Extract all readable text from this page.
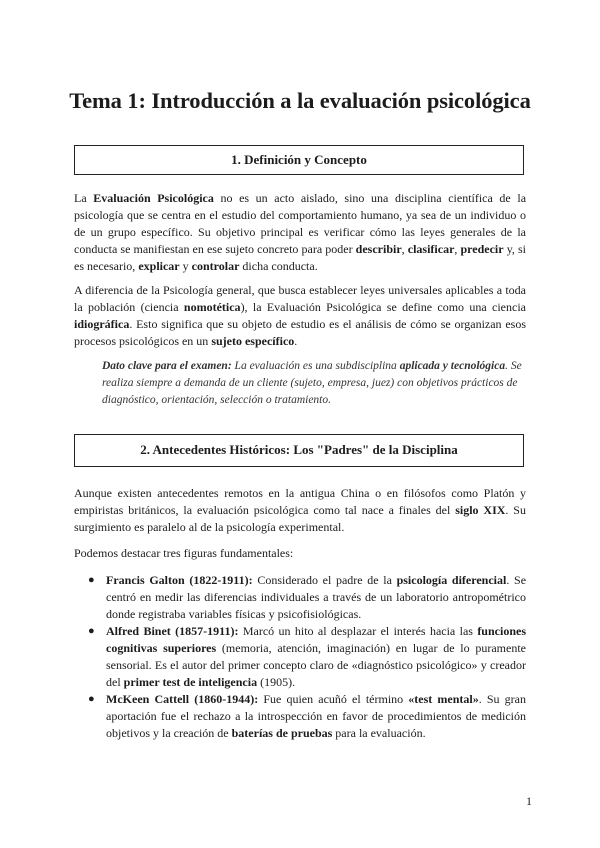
Tema 1: Introducción a la evaluación psicológica
1. Definición y Concepto

La Evaluación Psicológica no es un acto aislado, sino una disciplina científica de la psicología que se centra en el estudio del comportamiento humano, ya sea de un individuo o de un grupo específico. Su objetivo principal es verificar cómo las leyes generales de la conducta se manifiestan en ese sujeto concreto para poder describir, clasificar, predecir y, si es necesario, explicar y controlar dicha conducta.

A diferencia de la Psicología general, que busca establecer leyes universales aplicables a toda la población (ciencia nomotética), la Evaluación Psicológica se define como una ciencia idiográfica. Esto significa que su objeto de estudio es el análisis de cómo se organizan esos procesos psicológicos en un sujeto específico.

Dato clave para el examen: La evaluación es una subdisciplina aplicada y tecnológica. Se realiza siempre a demanda de un cliente (sujeto, empresa, juez) con objetivos prácticos de diagnóstico, orientación, selección o tratamiento.

2. Antecedentes Históricos: Los "Padres" de la Disciplina

Aunque existen antecedentes remotos en la antigua China o en filósofos como Platón y empiristas británicos, la evaluación psicológica como tal nace a finales del siglo XIX. Su surgimiento es paralelo al de la psicología experimental.

Podemos destacar tres figuras fundamentales:

● Francis Galton (1822-1911): Considerado el padre de la psicología diferencial. Se centró en medir las diferencias individuales a través de un laboratorio antropométrico donde registraba variables físicas y psicofisiológicas.
● Alfred Binet (1857-1911): Marcó un hito al desplazar el interés hacia las funciones cognitivas superiores (memoria, atención, imaginación) en lugar de lo puramente sensorial. Es el autor del primer concepto claro de «diagnóstico psicológico» y creador del primer test de inteligencia (1905).
● McKeen Cattell (1860-1944): Fue quien acuñó el término «test mental». Su gran aportación fue el rechazo a la introspección en favor de procedimientos de medición objetivos y la creación de baterías de pruebas para la evaluación.
1
